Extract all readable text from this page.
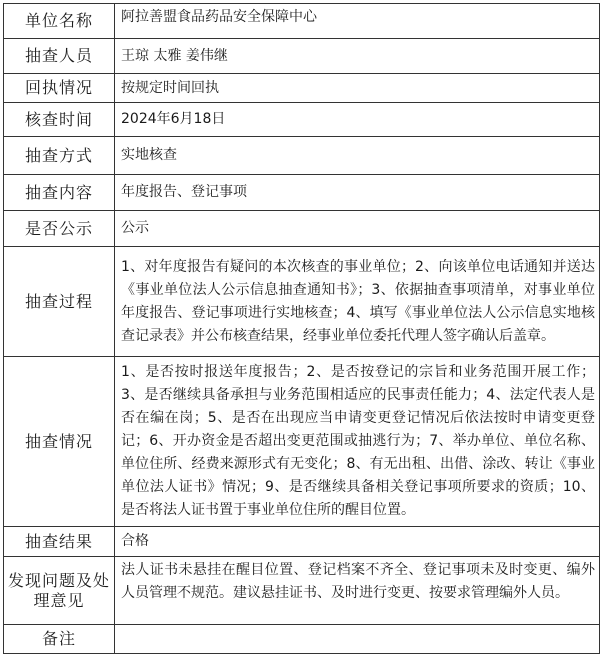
单位名称	阿拉善盟食品药品安全保障中心
抽查人员	王琼 太雅 姜伟继
回执情况	按规定时间回执
核查时间	2024年6月18日
抽查方式	实地核查
抽查内容	年度报告、登记事项
是否公示	公示
抽查过程	1、对年度报告有疑问的本次核查的事业单位；2、向该单位电话通知并送达《事业单位法人公示信息抽查通知书》；3、依据抽查事项清单，对事业单位年度报告、登记事项进行实地核查；4、填写《事业单位法人公示信息实地核查记录表》并公布核查结果，经事业单位委托代理人签字确认后盖章。
抽查情况	1、是否按时报送年度报告；2、是否按登记的宗旨和业务范围开展工作；3、是否继续具备承担与业务范围相适应的民事责任能力；4、法定代表人是否在编在岗；5、是否在出现应当申请变更登记情况后依法按时申请变更登记；6、开办资金是否超出变更范围或抽逃行为；7、举办单位、单位名称、单位住所、经费来源形式有无变化；8、有无出租、出借、涂改、转让《事业单位法人证书》情况；9、是否继续具备相关登记事项所要求的资质；10、是否将法人证书置于事业单位住所的醒目位置。
抽查结果	合格
发现问题及处理意见	法人证书未悬挂在醒目位置、登记档案不齐全、登记事项未及时变更、编外人员管理不规范。建议悬挂证书、及时进行变更、按要求管理编外人员。
备注	
